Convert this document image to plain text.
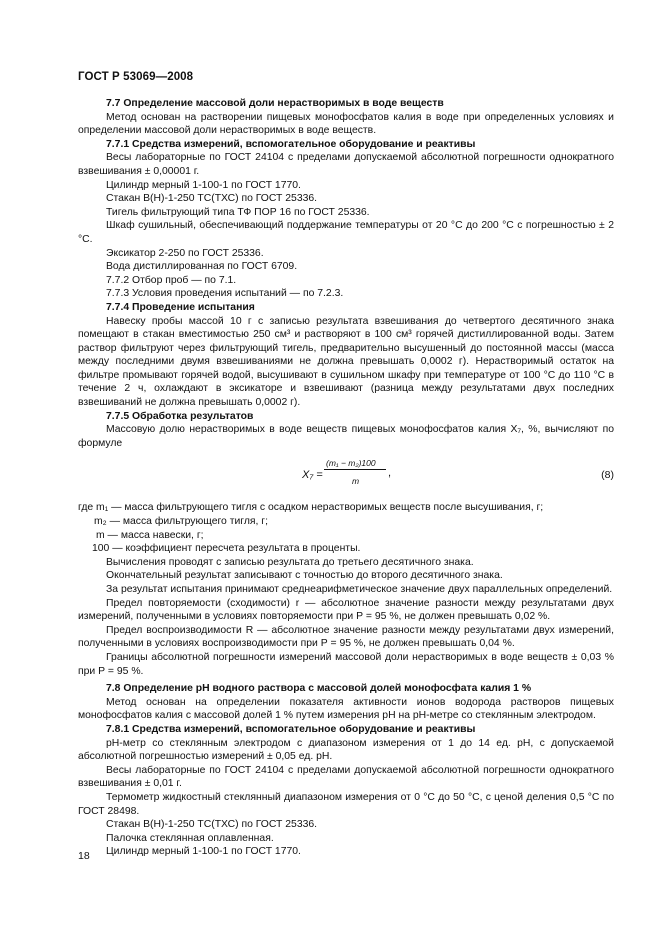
ГОСТ Р 53069—2008

7.7 Определение массовой доли нерастворимых в воде веществ

Метод основан на растворении пищевых монофосфатов калия в воде при определенных условиях и определении массовой доли нерастворимых в воде веществ.

7.7.1 Средства измерений, вспомогательное оборудование и реактивы

Весы лабораторные по ГОСТ 24104 с пределами допускаемой абсолютной погрешности однократного взвешивания ± 0,00001 г.

Цилиндр мерный 1-100-1 по ГОСТ 1770.

Стакан В(Н)-1-250 ТС(ТХС) по ГОСТ 25336.

Тигель фильтрующий типа ТФ ПОР 16 по ГОСТ 25336.

Шкаф сушильный, обеспечивающий поддержание температуры от 20 °С до 200 °С с погрешностью ± 2 °С.

Эксикатор 2-250 по ГОСТ 25336.

Вода дистиллированная по ГОСТ 6709.

7.7.2 Отбор проб — по 7.1.

7.7.3 Условия проведения испытаний — по 7.2.3.

7.7.4 Проведение испытания

Навеску пробы массой 10 г с записью результата взвешивания до четвертого десятичного знака помещают в стакан вместимостью 250 см³ и растворяют в 100 см³ горячей дистиллированной воды. Затем раствор фильтруют через фильтрующий тигель, предварительно высушенный до постоянной массы (масса между последними двумя взвешиваниями не должна превышать 0,0002 г). Нерастворимый остаток на фильтре промывают горячей водой, высушивают в сушильном шкафу при температуре от 100 °С до 110 °С в течение 2 ч, охлаждают в эксикаторе и взвешивают (разница между результатами двух последних взвешиваний не должна превышать 0,0002 г).

7.7.5 Обработка результатов

Массовую долю нерастворимых в воде веществ пищевых монофосфатов калия X₇, %, вычисляют по формуле

X₇ =
(m₁ − m₂)100
m
,	(8)

где m₁ — масса фильтрующего тигля с осадком нерастворимых веществ после высушивания, г;

m₂ — масса фильтрующего тигля, г;

m — масса навески, г;

100 — коэффициент пересчета результата в проценты.

Вычисления проводят с записью результата до третьего десятичного знака.

Окончательный результат записывают с точностью до второго десятичного знака.

За результат испытания принимают среднеарифметическое значение двух параллельных определений.

Предел повторяемости (сходимости) r — абсолютное значение разности между результатами двух измерений, полученными в условиях повторяемости при Р = 95 %, не должен превышать 0,02 %.

Предел воспроизводимости R — абсолютное значение разности между результатами двух измерений, полученными в условиях воспроизводимости при Р = 95 %, не должен превышать 0,04 %.

Границы абсолютной погрешности измерений массовой доли нерастворимых в воде веществ ± 0,03 % при Р = 95 %.

7.8 Определение рН водного раствора с массовой долей монофосфата калия 1 %

Метод основан на определении показателя активности ионов водорода растворов пищевых монофосфатов калия с массовой долей 1 % путем измерения рН на рН-метре со стеклянным электродом.

7.8.1 Средства измерений, вспомогательное оборудование и реактивы

рН-метр со стеклянным электродом с диапазоном измерения от 1 до 14 ед. рН, с допускаемой абсолютной погрешностью измерений ± 0,05 ед. рН.

Весы лабораторные по ГОСТ 24104 с пределами допускаемой абсолютной погрешности однократного взвешивания ± 0,01 г.

Термометр жидкостный стеклянный диапазоном измерения от 0 °С до 50 °С, с ценой деления 0,5 °С по ГОСТ 28498.

Стакан В(Н)-1-250 ТС(ТХС) по ГОСТ 25336.

Палочка стеклянная оплавленная.

Цилиндр мерный 1-100-1 по ГОСТ 1770.

18
